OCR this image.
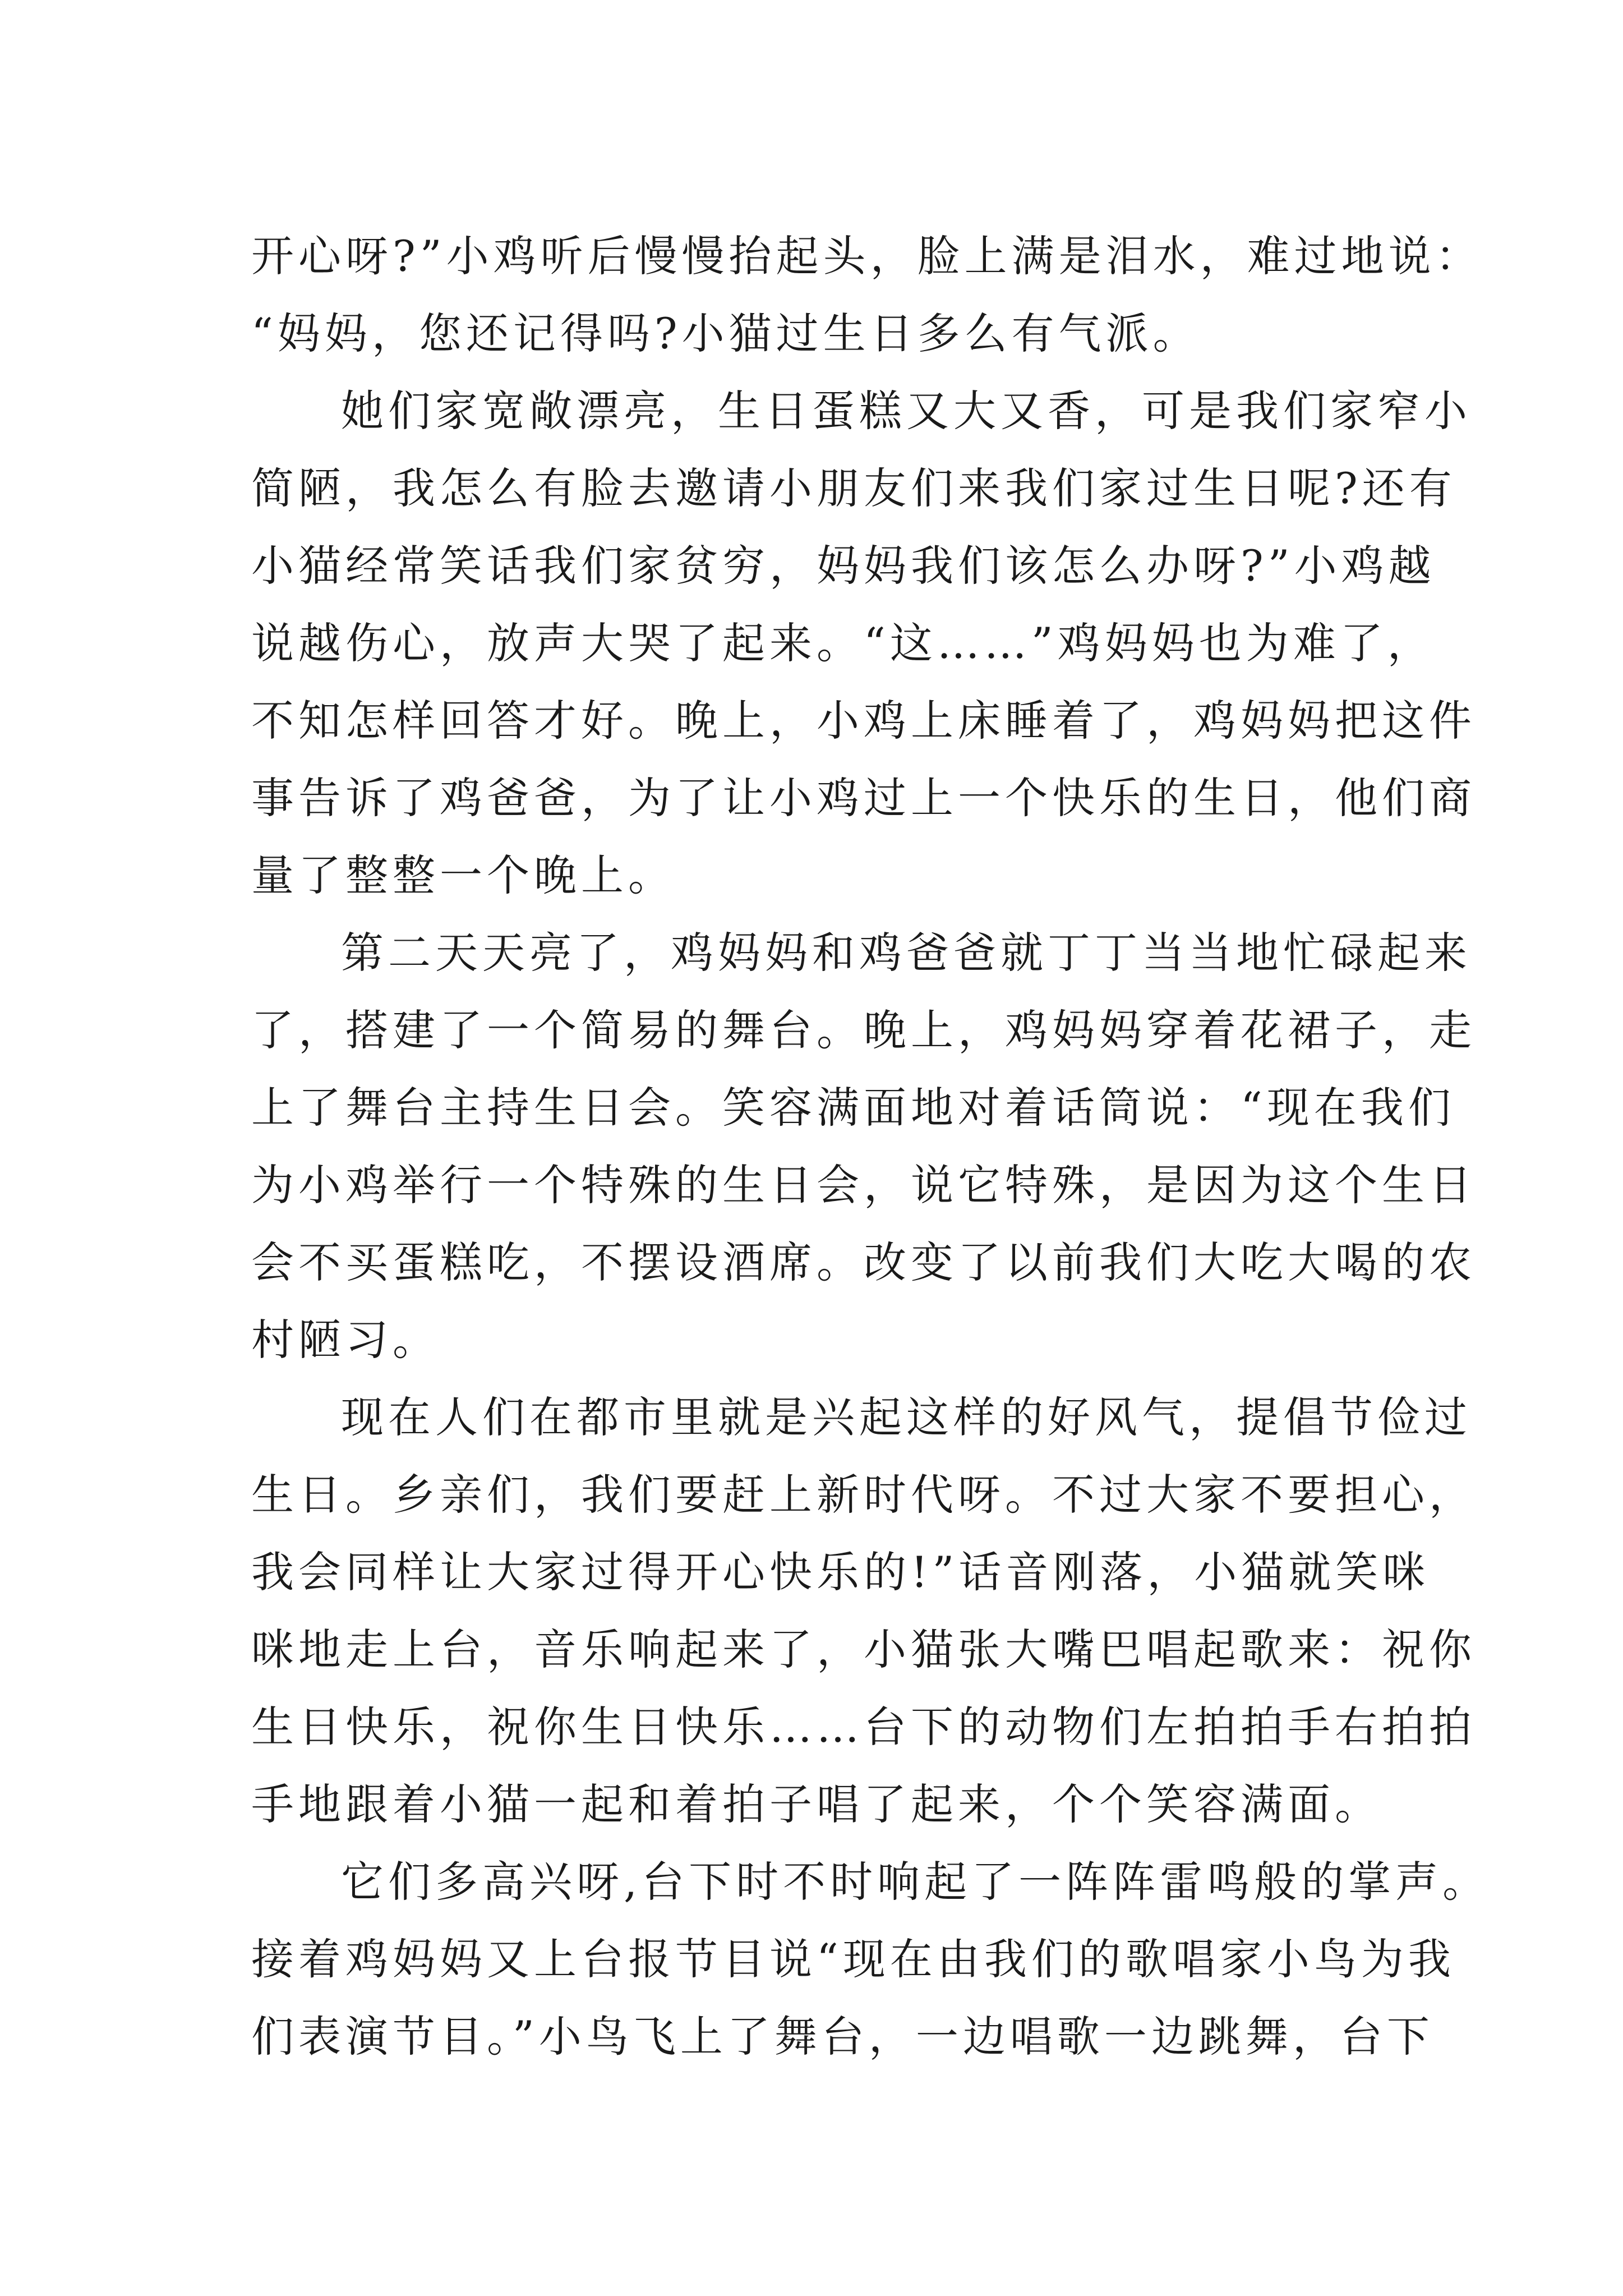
开心呀?”小鸡听后慢慢抬起头，脸上满是泪水，难过地说：
“妈妈，您还记得吗?小猫过生日多么有气派。
她们家宽敞漂亮，生日蛋糕又大又香，可是我们家窄小
简陋，我怎么有脸去邀请小朋友们来我们家过生日呢?还有
小猫经常笑话我们家贫穷，妈妈我们该怎么办呀?”小鸡越
说越伤心，放声大哭了起来。“这……”鸡妈妈也为难了，
不知怎样回答才好。晚上，小鸡上床睡着了，鸡妈妈把这件
事告诉了鸡爸爸，为了让小鸡过上一个快乐的生日，他们商
量了整整一个晚上。
第二天天亮了，鸡妈妈和鸡爸爸就丁丁当当地忙碌起来
了，搭建了一个简易的舞台。晚上，鸡妈妈穿着花裙子，走
上了舞台主持生日会。笑容满面地对着话筒说：“现在我们
为小鸡举行一个特殊的生日会，说它特殊，是因为这个生日
会不买蛋糕吃，不摆设酒席。改变了以前我们大吃大喝的农
村陋习。
现在人们在都市里就是兴起这样的好风气，提倡节俭过
生日。乡亲们，我们要赶上新时代呀。不过大家不要担心，
我会同样让大家过得开心快乐的!”话音刚落，小猫就笑咪
咪地走上台，音乐响起来了，小猫张大嘴巴唱起歌来：祝你
生日快乐，祝你生日快乐……台下的动物们左拍拍手右拍拍
手地跟着小猫一起和着拍子唱了起来，个个笑容满面。
它们多高兴呀,台下时不时响起了一阵阵雷鸣般的掌声。
接着鸡妈妈又上台报节目说“现在由我们的歌唱家小鸟为我
们表演节目。”小鸟飞上了舞台，一边唱歌一边跳舞，台下
